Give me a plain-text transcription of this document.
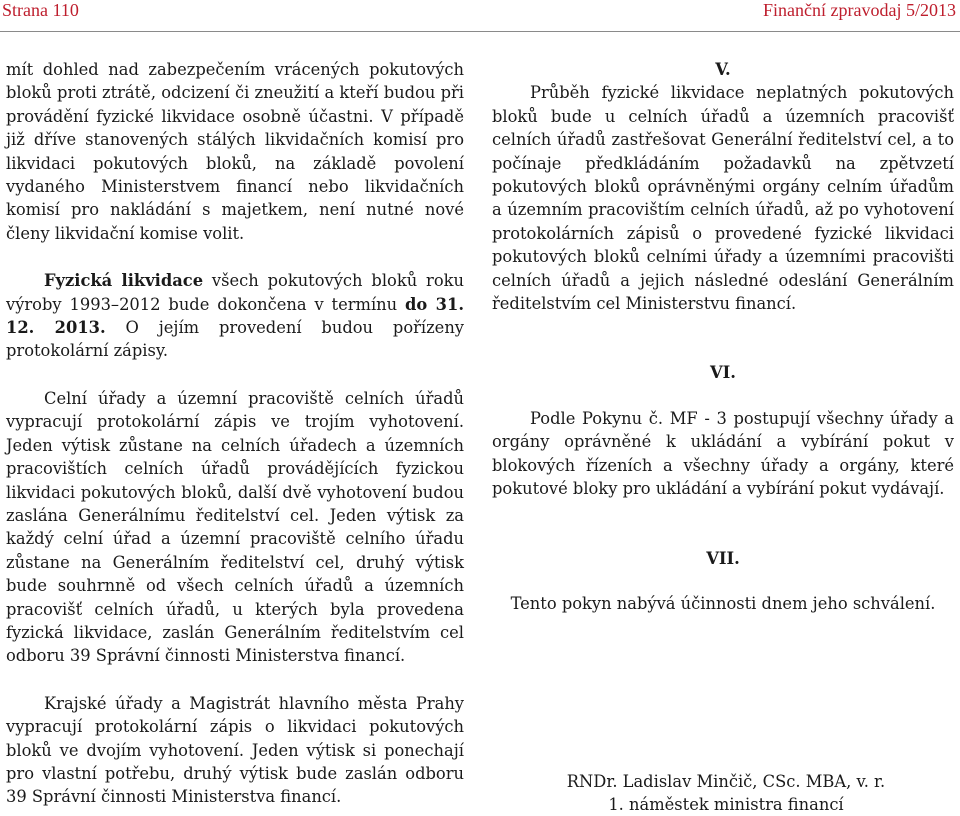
Strana 110	Finanční zpravodaj 5/2013

mít dohled nad zabezpečením vrácených pokutových bloků proti ztrátě, odcizení či zneužití a kteří budou při provádění fyzické likvidace osobně účastni. V případě již dříve stanovených stálých likvidačních komisí pro likvidaci pokutových bloků, na základě povolení vydaného Ministerstvem financí nebo likvidačních komisí pro nakládání s majetkem, není nutné nové členy likvidační komise volit.

Fyzická likvidace všech pokutových bloků roku výroby 1993–2012 bude dokončena v termínu do 31. 12. 2013. O jejím provedení budou pořízeny protokolární zápisy.

Celní úřady a územní pracoviště celních úřadů vypracují protokolární zápis ve trojím vyhotovení. Jeden výtisk zůstane na celních úřadech a územních pracovištích celních úřadů provádějících fyzickou likvidaci pokutových bloků, další dvě vyhotovení budou zaslána Generálnímu ředitelství cel. Jeden výtisk za každý celní úřad a územní pracoviště celního úřadu zůstane na Generálním ředitelství cel, druhý výtisk bude souhrnně od všech celních úřadů a územních pracovišť celních úřadů, u kterých byla provedena fyzická likvidace, zaslán Generálním ředitelstvím cel odboru 39 Správní činnosti Ministerstva financí.

Krajské úřady a Magistrát hlavního města Prahy vypracují protokolární zápis o likvidaci pokutových bloků ve dvojím vyhotovení. Jeden výtisk si ponechají pro vlastní potřebu, druhý výtisk bude zaslán odboru 39 Správní činnosti Ministerstva financí.

V.

Průběh fyzické likvidace neplatných pokutových bloků bude u celních úřadů a územních pracovišť celních úřadů zastřešovat Generální ředitelství cel, a to počínaje předkládáním požadavků na zpětvzetí pokutových bloků oprávněnými orgány celním úřadům a územním pracovištím celních úřadů, až po vyhotovení protokolárních zápisů o provedené fyzické likvidaci pokutových bloků celními úřady a územními pracovišti celních úřadů a jejich následné odeslání Generálním ředitelstvím cel Ministerstvu financí.

VI.

Podle Pokynu č. MF - 3 postupují všechny úřady a orgány oprávněné k ukládání a vybírání pokut v blokových řízeních a všechny úřady a orgány, které pokutové bloky pro ukládání a vybírání pokut vydávají.

VII.

Tento pokyn nabývá účinnosti dnem jeho schválení.

RNDr. Ladislav Minčič, CSc. MBA, v. r.

1. náměstek ministra financí
